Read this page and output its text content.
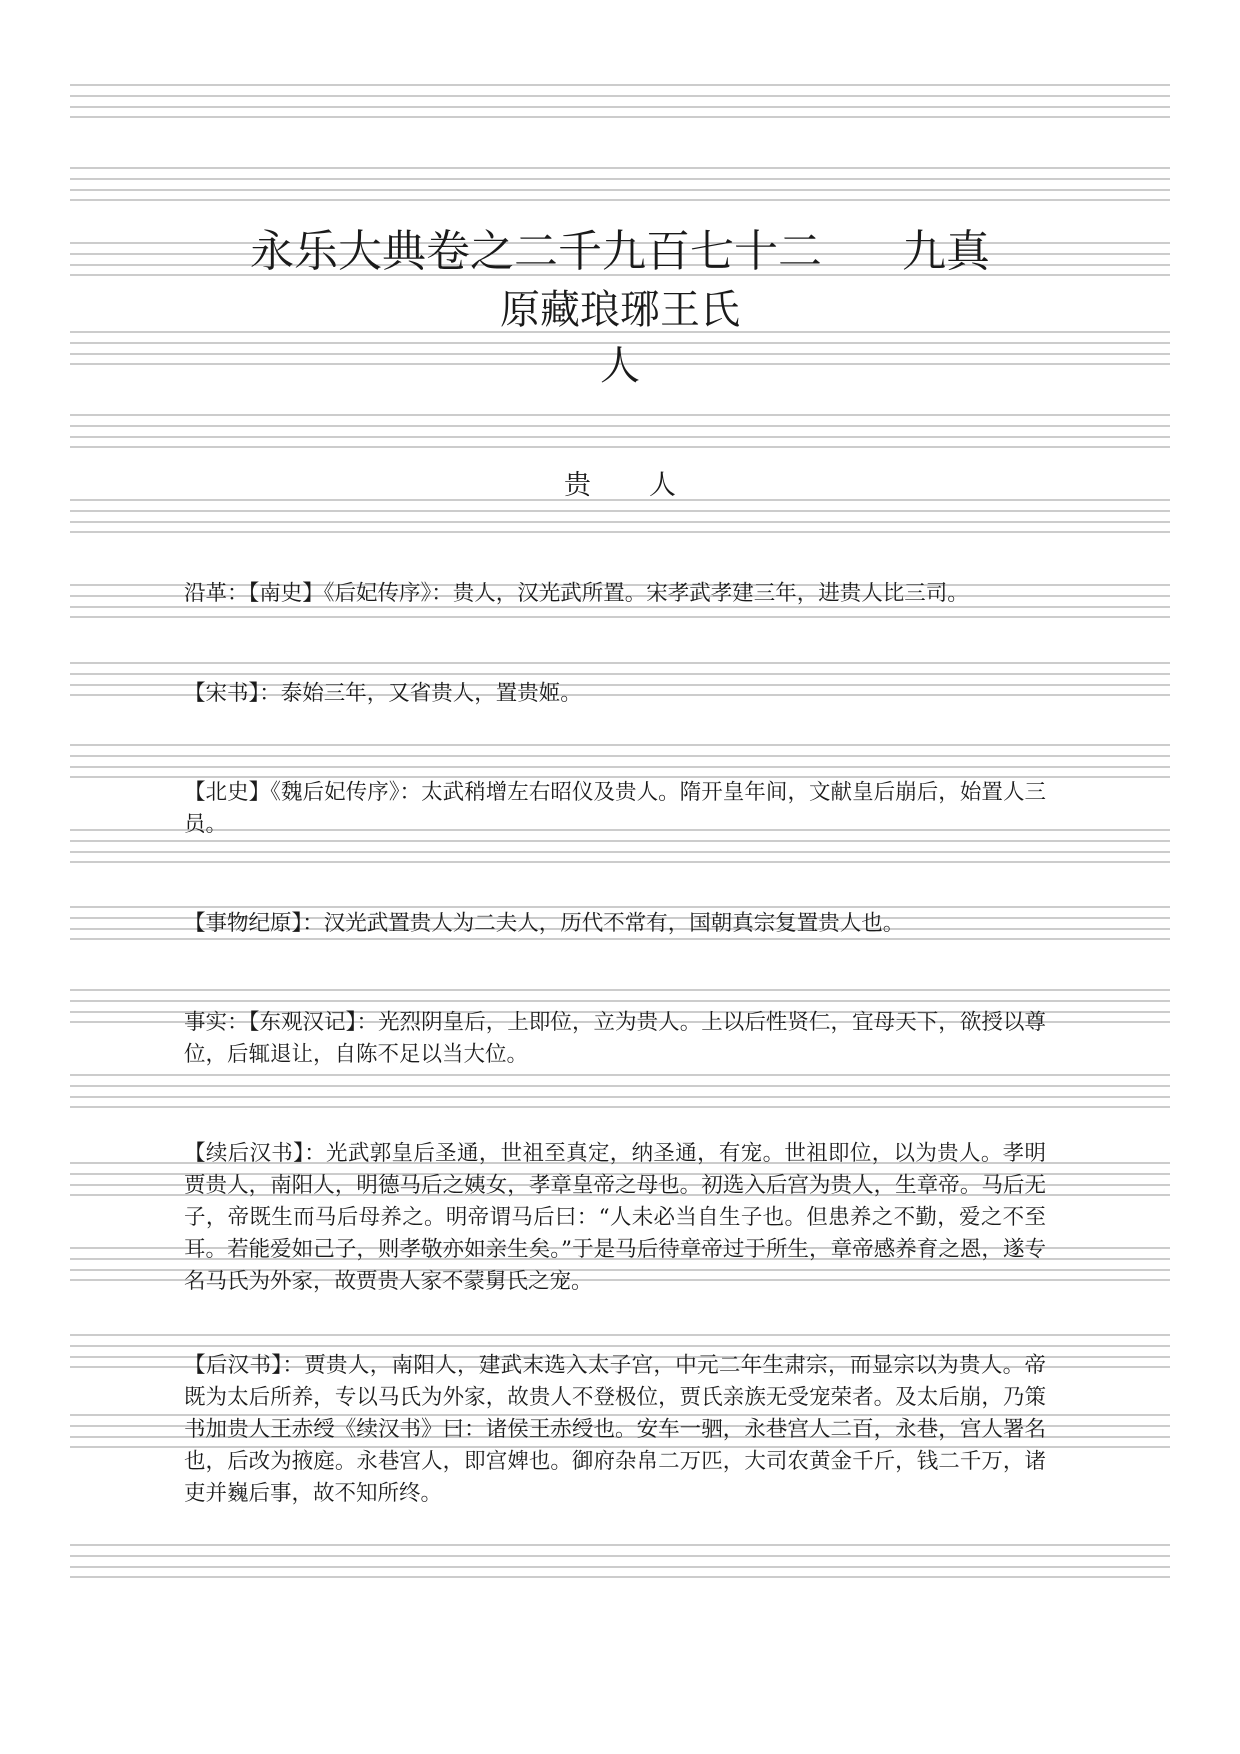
永乐大典卷之二千九百七十二 九真
原藏琅琊王氏
人
贵 人
沿革：【南史】《后妃传序》：贵人，汉光武所置。宋孝武孝建三年，进贵人比三司。
【宋书】：泰始三年，又省贵人，置贵姬。
【北史】《魏后妃传序》：太武稍增左右昭仪及贵人。隋开皇年间，文献皇后崩后，始置人三员。
【事物纪原】：汉光武置贵人为二夫人，历代不常有，国朝真宗复置贵人也。
事实：【东观汉记】：光烈阴皇后，上即位，立为贵人。上以后性贤仁，宜母天下，欲授以尊位，后辄退让，自陈不足以当大位。
【续后汉书】：光武郭皇后圣通，世祖至真定，纳圣通，有宠。世祖即位，以为贵人。孝明贾贵人，南阳人，明德马后之姨女，孝章皇帝之母也。初选入后宫为贵人，生章帝。马后无子，帝既生而马后母养之。明帝谓马后曰：“人未必当自生子也。但患养之不勤，爱之不至耳。若能爱如己子，则孝敬亦如亲生矣。”于是马后待章帝过于所生，章帝感养育之恩，遂专名马氏为外家，故贾贵人家不蒙舅氏之宠。
【后汉书】：贾贵人，南阳人，建武末选入太子宫，中元二年生肃宗，而显宗以为贵人。帝既为太后所养，专以马氏为外家，故贵人不登极位，贾氏亲族无受宠荣者。及太后崩，乃策书加贵人王赤绶《续汉书》曰：诸侯王赤绶也。安车一驷，永巷宫人二百，永巷，宫人署名也，后改为掖庭。永巷宫人，即宫婢也。御府杂帛二万匹，大司农黄金千斤，钱二千万，诸吏并巍后事，故不知所终。
